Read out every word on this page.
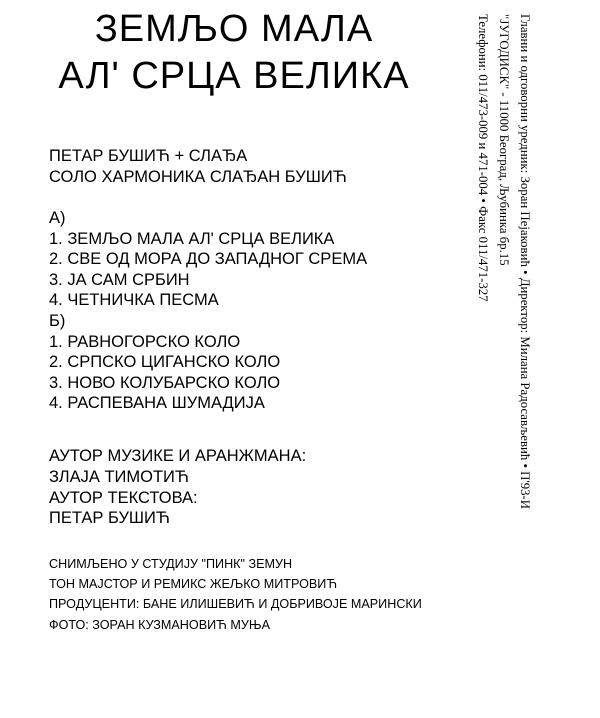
ЗЕМЉО МАЛА
АЛ' СРЦА ВЕЛИКА
ПЕТАР БУШИЋ + СЛАЂА
СОЛО ХАРМОНИКА СЛАЂАН БУШИЋ
А)
1. ЗЕМЉО МАЛА АЛ' СРЦА ВЕЛИКА
2. СВЕ ОД МОРА ДО ЗАПАДНОГ СРЕМА
3. ЈА САМ СРБИН
4. ЧЕТНИЧКА ПЕСМА
Б)
1. РАВНОГОРСКО КОЛО
2. СРПСКО ЦИГАНСКО КОЛО
3. НОВО КОЛУБАРСКО КОЛО
4. РАСПЕВАНА ШУМАДИЈА
АУТОР МУЗИКЕ И АРАНЖМАНА:
ЗЛАЈА ТИМОТИЋ
АУТОР ТЕКСТОВА:
ПЕТАР БУШИЋ
СНИМЉЕНО У СТУДИЈУ "ПИНК" ЗЕМУН
ТОН МАЈСТОР И РЕМИКС ЖЕЉКО МИТРОВИЋ
ПРОДУЦЕНТИ: БАНЕ ИЛИШЕВИЋ И ДОБРИВОЈЕ МАРИНСКИ
ФОТО: ЗОРАН КУЗМАНОВИЋ МУЊА
Главни и одговорни уредник: Зоран Пејаковић • Директор: Милана Радосављевић • П'93-И
"ЈУГОДИСК" - 11000 Београд, Љубинка бр.15
Телефони: 011/473-009 и 471-004 • Факс 011/471-327
